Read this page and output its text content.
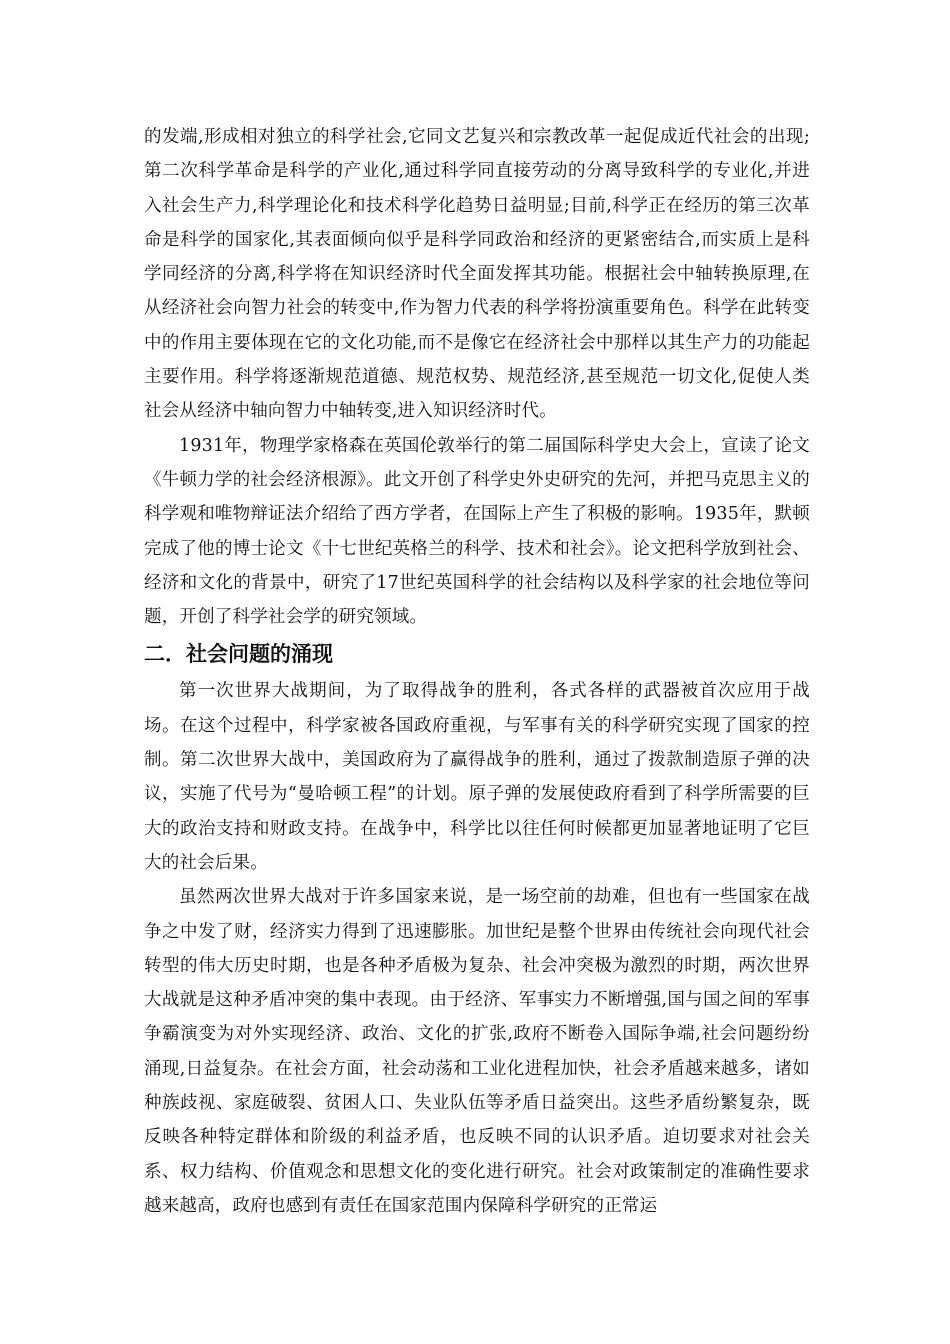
的发端,形成相对独立的科学社会,它同文艺复兴和宗教改革一起促成近代社会的出现;第二次科学革命是科学的产业化,通过科学同直接劳动的分离导致科学的专业化,并进入社会生产力,科学理论化和技术科学化趋势日益明显;目前,科学正在经历的第三次革命是科学的国家化,其表面倾向似乎是科学同政治和经济的更紧密结合,而实质上是科学同经济的分离,科学将在知识经济时代全面发挥其功能。根据社会中轴转换原理,在从经济社会向智力社会的转变中,作为智力代表的科学将扮演重要角色。科学在此转变中的作用主要体现在它的文化功能,而不是像它在经济社会中那样以其生产力的功能起主要作用。科学将逐渐规范道德、规范权势、规范经济,甚至规范一切文化,促使人类社会从经济中轴向智力中轴转变,进入知识经济时代。

1931年，物理学家格森在英国伦敦举行的第二届国际科学史大会上，宣读了论文《牛顿力学的社会经济根源》。此文开创了科学史外史研究的先河，并把马克思主义的科学观和唯物辩证法介绍给了西方学者，在国际上产生了积极的影响。1935年，默顿完成了他的博士论文《十七世纪英格兰的科学、技术和社会》。论文把科学放到社会、经济和文化的背景中，研究了17世纪英国科学的社会结构以及科学家的社会地位等问题，开创了科学社会学的研究领域。

二．社会问题的涌现

第一次世界大战期间，为了取得战争的胜利，各式各样的武器被首次应用于战场。在这个过程中，科学家被各国政府重视，与军事有关的科学研究实现了国家的控制。第二次世界大战中，美国政府为了赢得战争的胜利，通过了拨款制造原子弹的决议，实施了代号为“曼哈顿工程”的计划。原子弹的发展使政府看到了科学所需要的巨大的政治支持和财政支持。在战争中，科学比以往任何时候都更加显著地证明了它巨大的社会后果。

虽然两次世界大战对于许多国家来说，是一场空前的劫难，但也有一些国家在战争之中发了财，经济实力得到了迅速膨胀。加世纪是整个世界由传统社会向现代社会转型的伟大历史时期，也是各种矛盾极为复杂、社会冲突极为激烈的时期，两次世界大战就是这种矛盾冲突的集中表现。由于经济、军事实力不断增强,国与国之间的军事争霸演变为对外实现经济、政治、文化的扩张,政府不断卷入国际争端,社会问题纷纷涌现,日益复杂。在社会方面，社会动荡和工业化进程加快，社会矛盾越来越多，诸如种族歧视、家庭破裂、贫困人口、失业队伍等矛盾日益突出。这些矛盾纷繁复杂，既反映各种特定群体和阶级的利益矛盾，也反映不同的认识矛盾。迫切要求对社会关系、权力结构、价值观念和思想文化的变化进行研究。社会对政策制定的准确性要求越来越高，政府也感到有责任在国家范围内保障科学研究的正常运
